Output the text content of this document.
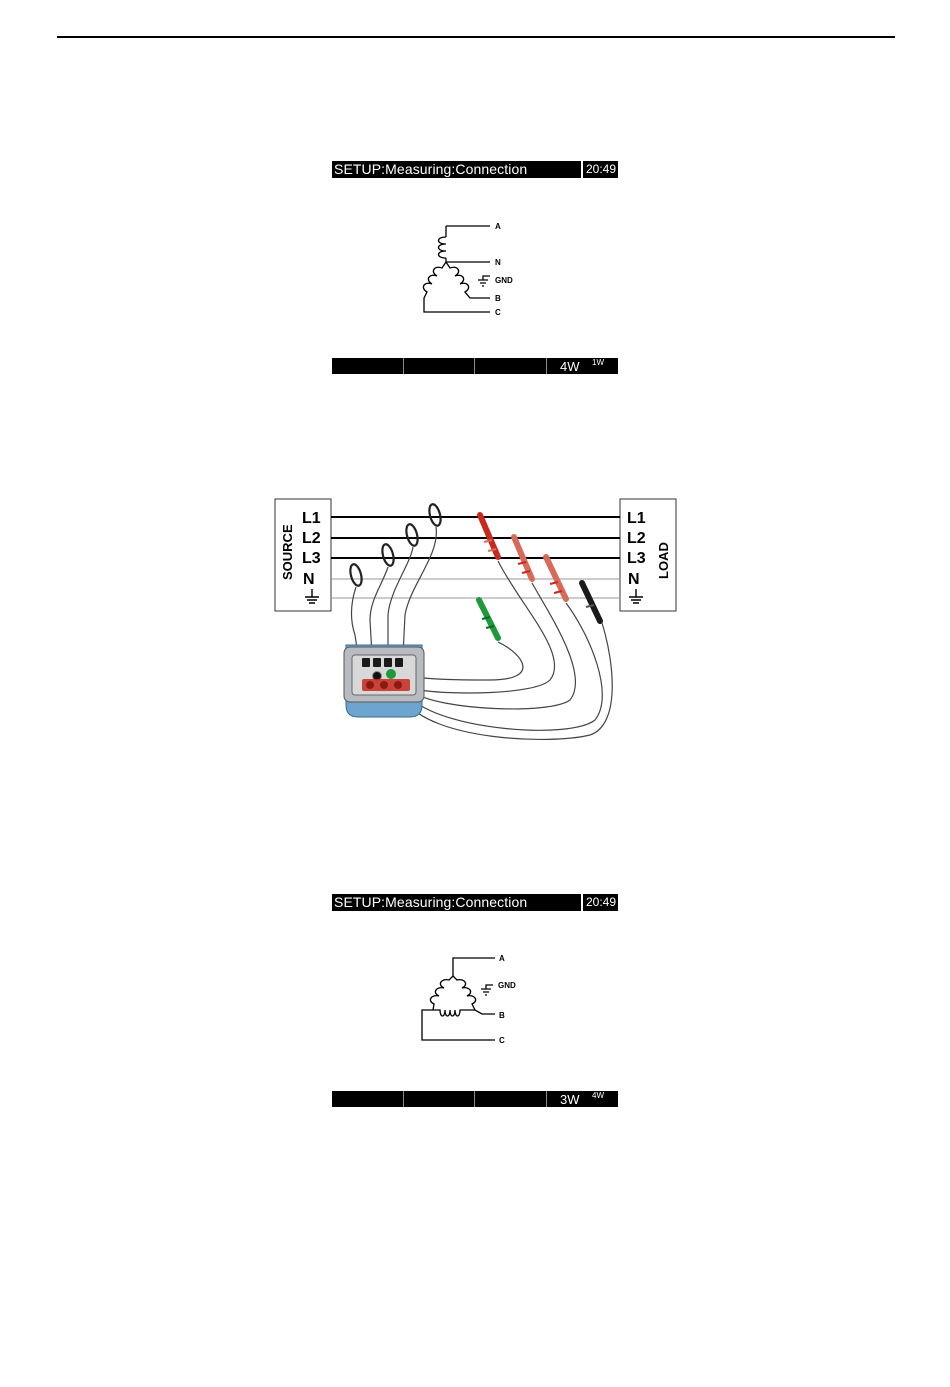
SETUP:Measuring:Connection	20:49
A
N
GND
B
C
4W 1W
SOURCE
L1
L2
L3
N
L1
L2
L3
N
LOAD
SETUP:Measuring:Connection	20:49
A
GND
B
C
3W 4W
